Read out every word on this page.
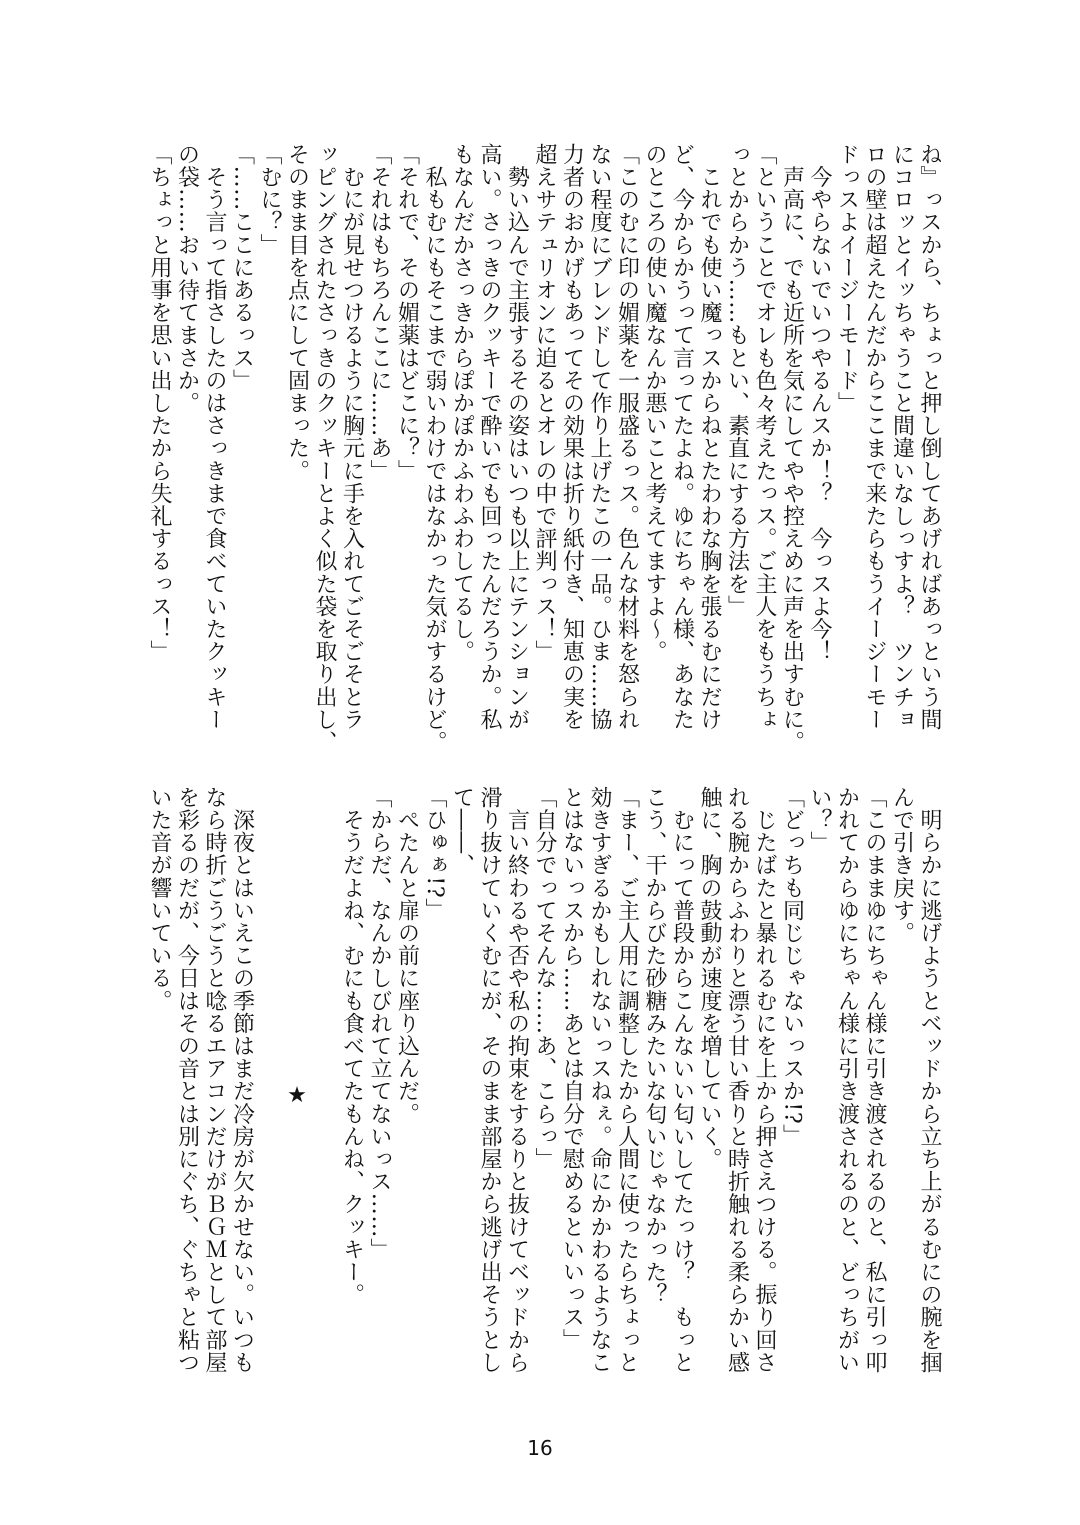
ね』っスから、ちょっと押し倒してあげればあっという間
にコロッとイッちゃうこと間違いなしっすよ？　ツンチョ
ロの壁は超えたんだからここまで来たらもうイージーモー
ドっスよイージーモード」
　今やらないでいつやるんスか！？　今っスよ今！
　声高に、でも近所を気にしてやや控えめに声を出すむに。
「ということでオレも色々考えたっス。ご主人をもうちょ
っとからかう……もとい、素直にする方法を」
　これでも使い魔っスからねとたわわな胸を張るむにだけ
ど、今からかうって言ってたよね。ゆにちゃん様、あなた
のところの使い魔なんか悪いこと考えてますよ～。
「このむに印の媚薬を一服盛るっス。色んな材料を怒られ
ない程度にブレンドして作り上げたこの一品。ひま……協
力者のおかげもあってその効果は折り紙付き、知恵の実を
超えサテュリオンに迫るとオレの中で評判っス！」
　勢い込んで主張するその姿はいつも以上にテンションが
高い。さっきのクッキーで酔いでも回ったんだろうか。私
もなんだかさっきからぽかぽかふわふわしてるし。
　私もむにもそこまで弱いわけではなかった気がするけど。
「それで、その媚薬はどこに？」
「それはもちろんここに……あ」
　むにが見せつけるように胸元に手を入れてごそごそとラ
ッピングされたさっきのクッキーとよく似た袋を取り出し、
そのまま目を点にして固まった。
「むに？」
「……ここにあるっス」
　そう言って指さしたのはさっきまで食べていたクッキー
の袋……おい待てまさか。
「ちょっと用事を思い出したから失礼するっス！」
　明らかに逃げようとベッドから立ち上がるむにの腕を掴
んで引き戻す。
「このままゆにちゃん様に引き渡されるのと、私に引っ叩
かれてからゆにちゃん様に引き渡されるのと、どっちがい
い？」
「どっちも同じじゃないっスか!?」
　じたばたと暴れるむにを上から押さえつける。振り回さ
れる腕からふわりと漂う甘い香りと時折触れる柔らかい感
触に、胸の鼓動が速度を増していく。
　むにって普段からこんないい匂いしてたっけ？　もっと
こう、干からびた砂糖みたいな匂いじゃなかった？
「まー、ご主人用に調整したから人間に使ったらちょっと
効きすぎるかもしれないっスねぇ。命にかかわるようなこ
とはないっスから……あとは自分で慰めるといいっス」
「自分でってそんな……あ、こらっ」
　言い終わるや否や私の拘束をするりと抜けてベッドから
滑り抜けていくむにが、そのまま部屋から逃げ出そうとし
て――、
「ひゅぁ!?」
　ぺたんと扉の前に座り込んだ。
「からだ、なんかしびれて立てないっス……」
　そうだよね、むにも食べてたもんね、クッキー。
★
　深夜とはいえこの季節はまだ冷房が欠かせない。いつも
なら時折ごうごうと唸るエアコンだけがＢＧＭとして部屋
を彩るのだが、今日はその音とは別にぐち、ぐちゃと粘つ
いた音が響いている。
16
